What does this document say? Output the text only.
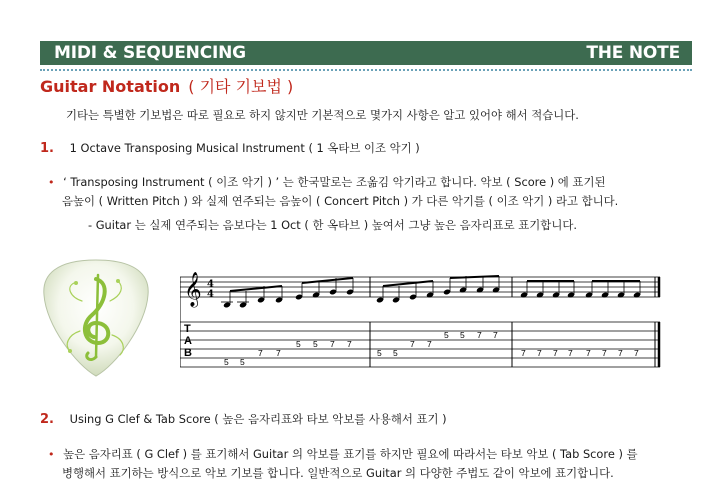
MIDI & SEQUENCING	THE NOTE
Guitar Notation ( 기타 기보법 )
기타는 특별한 기보법은 따로 필요로 하지 않지만 기본적으로 몇가지 사항은 알고 있어야 해서 적습니다.
1. 1 Octave Transposing Musical Instrument ( 1 옥타브 이조 악기 )
• ‘ Transposing Instrument ( 이조 악기 ) ’ 는 한국말로는 조옮김 악기라고 합니다. 악보 ( Score ) 에 표기된
음높이 ( Written Pitch ) 와 실제 연주되는 음높이 ( Concert Pitch ) 가 다른 악기를 ( 이조 악기 ) 라고 합니다.
- Guitar 는 실제 연주되는 음보다는 1 Oct ( 한 옥타브 ) 높여서 그냥 높은 음자리표로 표기합니다.
𝄞 4
4
T
A
B
5 5
7 7
5 5 7 7
5 5
7 7
5 5 7 7
7 7 7 7 7 7 7 7
2. Using G Clef & Tab Score ( 높은 음자리표와 타보 악보를 사용해서 표기 )
• 높은 음자리표 ( G Clef ) 를 표기해서 Guitar 의 악보를 표기를 하지만 필요에 따라서는 타보 악보 ( Tab Score ) 를
병행해서 표기하는 방식으로 악보 기보를 합니다. 일반적으로 Guitar 의 다양한 주법도 같이 악보에 표기합니다.
